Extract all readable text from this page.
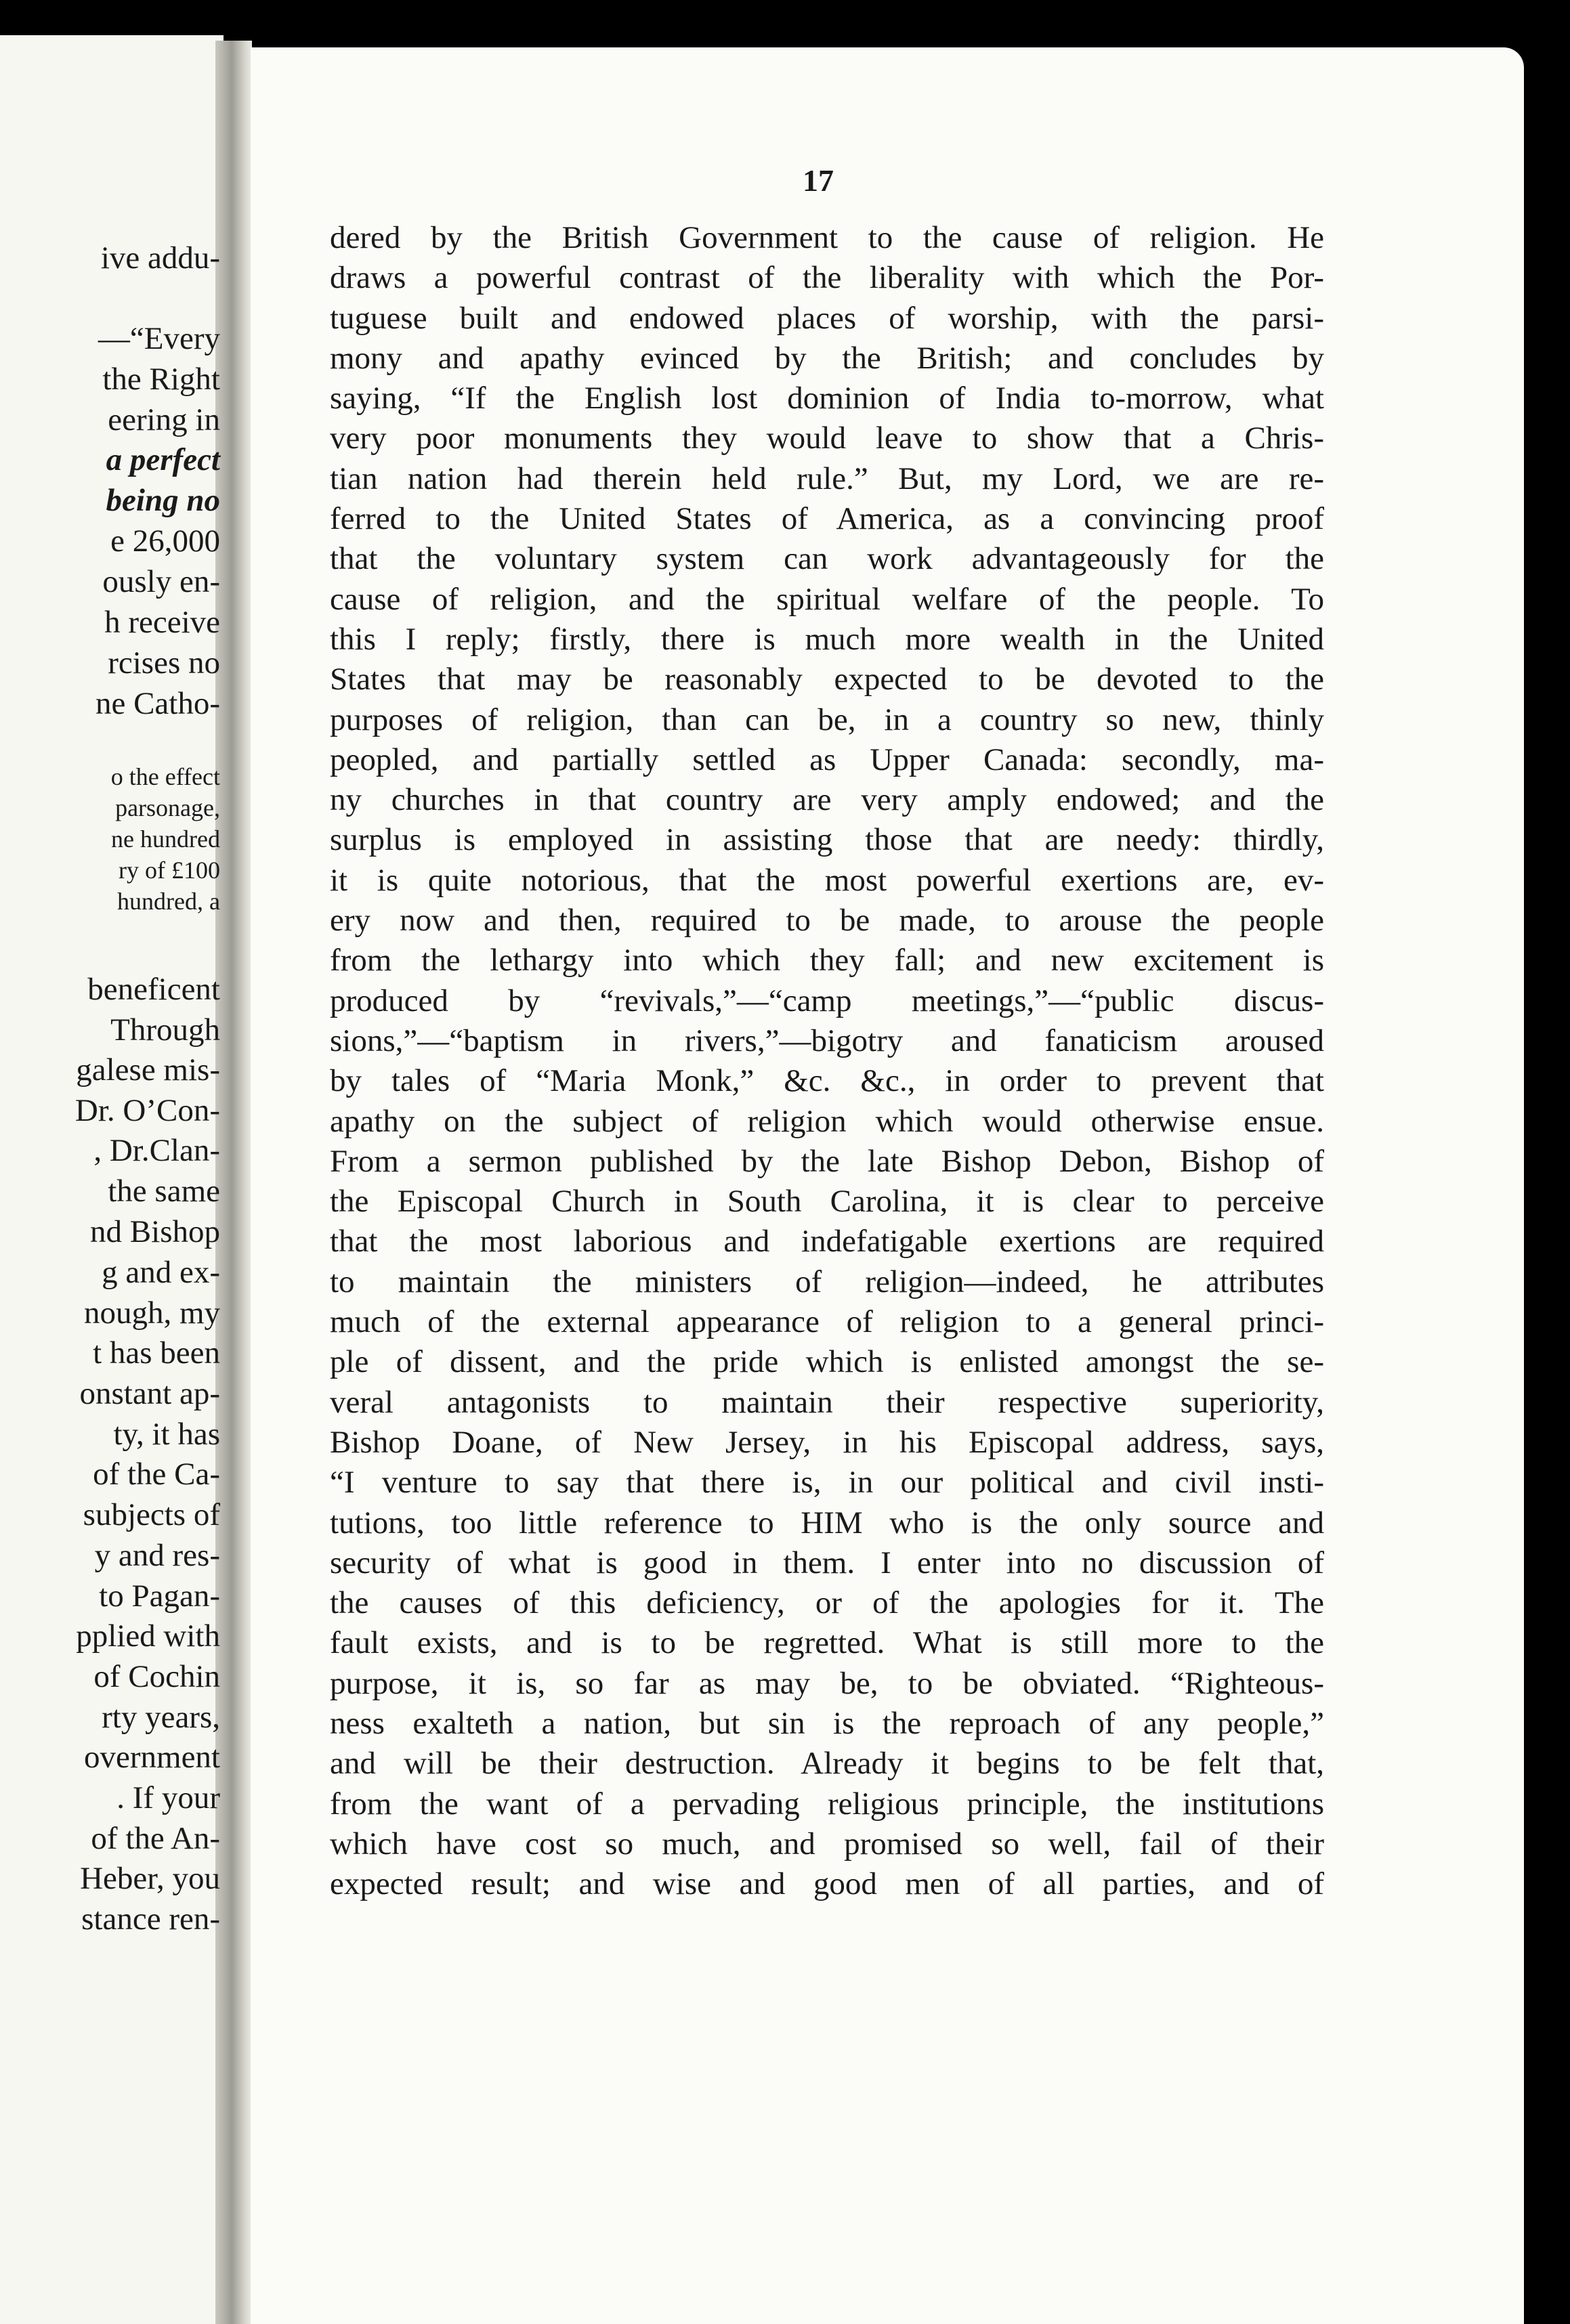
17
dered by the British Government to the cause of religion. He
draws a powerful contrast of the liberality with which the Por-
tuguese built and endowed places of worship, with the parsi-
mony and apathy evinced by the British; and concludes by
saying, “If the English lost dominion of India to-morrow, what
very poor monuments they would leave to show that a Chris-
tian nation had therein held rule.” But, my Lord, we are re-
ferred to the United States of America, as a convincing proof
that the voluntary system can work advantageously for the
cause of religion, and the spiritual welfare of the people. To
this I reply; firstly, there is much more wealth in the United
States that may be reasonably expected to be devoted to the
purposes of religion, than can be, in a country so new, thinly
peopled, and partially settled as Upper Canada: secondly, ma-
ny churches in that country are very amply endowed; and the
surplus is employed in assisting those that are needy: thirdly,
it is quite notorious, that the most powerful exertions are, ev-
ery now and then, required to be made, to arouse the people
from the lethargy into which they fall; and new excitement is
produced by “revivals,”—“camp meetings,”—“public discus-
sions,”—“baptism in rivers,”—bigotry and fanaticism aroused
by tales of “Maria Monk,” &c. &c., in order to prevent that
apathy on the subject of religion which would otherwise ensue.
From a sermon published by the late Bishop Debon, Bishop of
the Episcopal Church in South Carolina, it is clear to perceive
that the most laborious and indefatigable exertions are required
to maintain the ministers of religion—indeed, he attributes
much of the external appearance of religion to a general princi-
ple of dissent, and the pride which is enlisted amongst the se-
veral antagonists to maintain their respective superiority,
Bishop Doane, of New Jersey, in his Episcopal address, says,
“I venture to say that there is, in our political and civil insti-
tutions, too little reference to HIM who is the only source and
security of what is good in them. I enter into no discussion of
the causes of this deficiency, or of the apologies for it. The
fault exists, and is to be regretted. What is still more to the
purpose, it is, so far as may be, to be obviated. “Righteous-
ness exalteth a nation, but sin is the reproach of any people,”
and will be their destruction. Already it begins to be felt that,
from the want of a pervading religious principle, the institutions
which have cost so much, and promised so well, fail of their
expected result; and wise and good men of all parties, and of
ive addu-
—“Every
the Right
eering in
a perfect
being no
e 26,000
ously en-
h receive
rcises no
ne Catho-
o the effect
parsonage,
ne hundred
ry of £100
hundred, a
beneficent
Through
galese mis-
Dr. O’Con-
, Dr.Clan-
the same
nd Bishop
g and ex-
nough, my
t has been
onstant ap-
ty, it has
of the Ca-
subjects of
y and res-
to Pagan-
pplied with
of Cochin
rty years,
overnment
. If your
of the An-
Heber, you
stance ren-
